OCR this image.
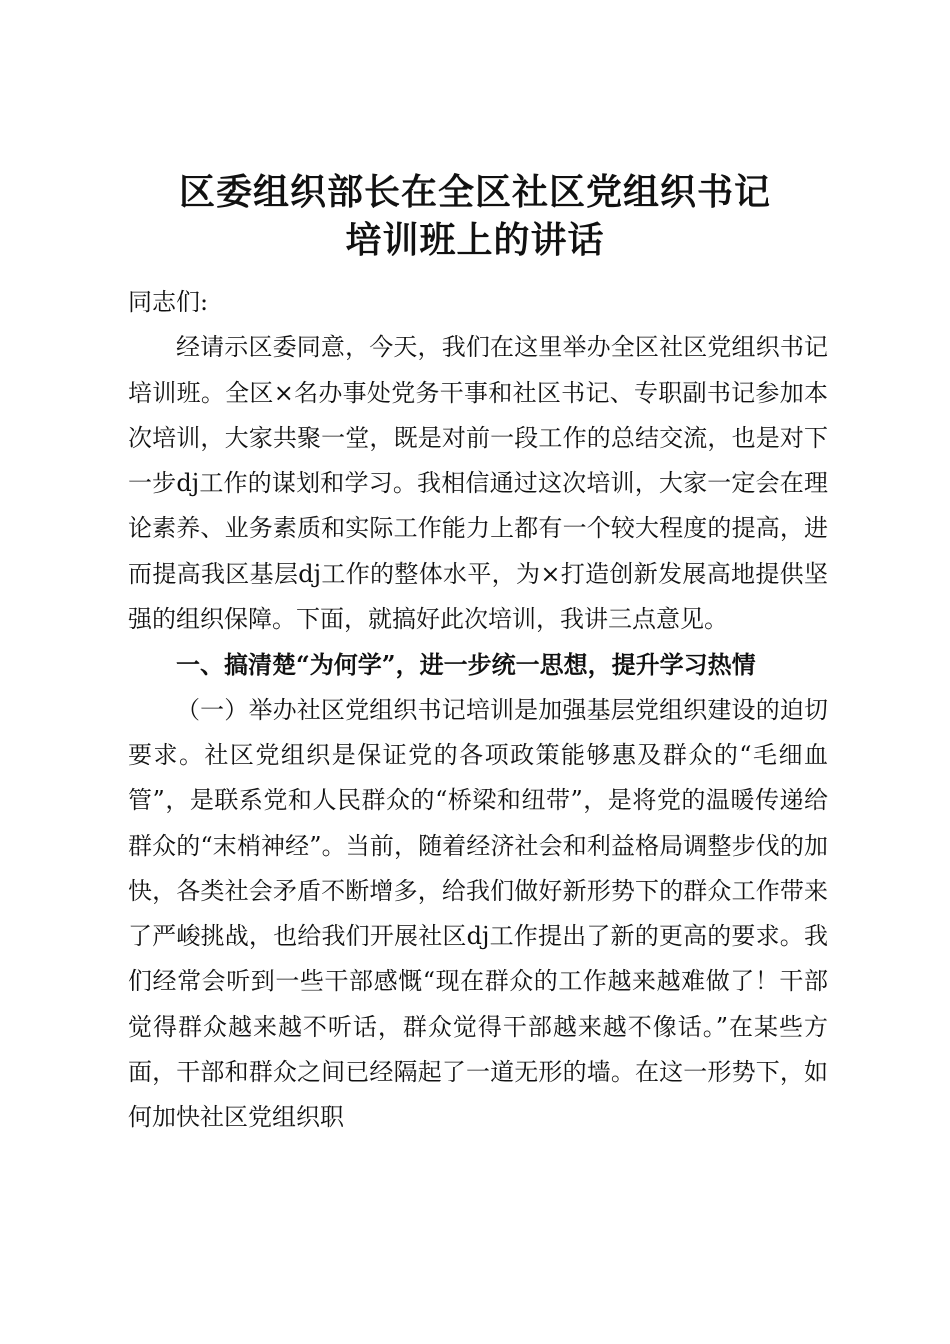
区委组织部长在全区社区党组织书记
培训班上的讲话

同志们:

经请示区委同意，今天，我们在这里举办全区社区党组织书记培训班。全区×名办事处党务干事和社区书记、专职副书记参加本次培训，大家共聚一堂，既是对前一段工作的总结交流，也是对下一步dj工作的谋划和学习。我相信通过这次培训，大家一定会在理论素养、业务素质和实际工作能力上都有一个较大程度的提高，进而提高我区基层dj工作的整体水平，为×打造创新发展高地提供坚强的组织保障。下面，就搞好此次培训，我讲三点意见。

一、搞清楚“为何学”，进一步统一思想，提升学习热情

（一）举办社区党组织书记培训是加强基层党组织建设的迫切要求。社区党组织是保证党的各项政策能够惠及群众的“毛细血管”，是联系党和人民群众的“桥梁和纽带”，是将党的温暖传递给群众的“末梢神经”。当前，随着经济社会和利益格局调整步伐的加快，各类社会矛盾不断增多，给我们做好新形势下的群众工作带来了严峻挑战，也给我们开展社区dj工作提出了新的更高的要求。我们经常会听到一些干部感慨“现在群众的工作越来越难做了！干部觉得群众越来越不听话，群众觉得干部越来越不像话。”在某些方面，干部和群众之间已经隔起了一道无形的墙。在这一形势下，如何加快社区党组织职
